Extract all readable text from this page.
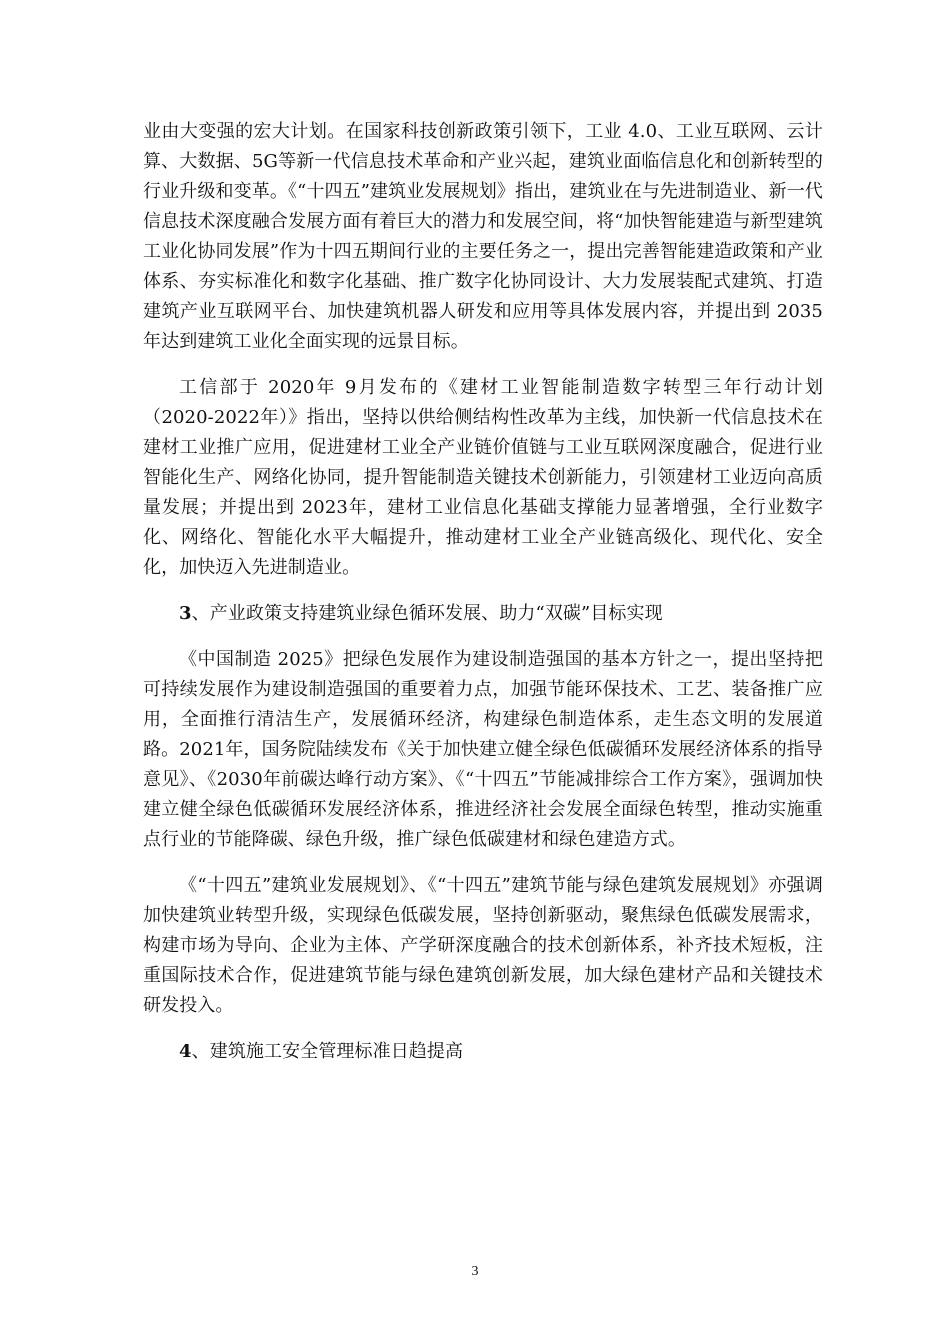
业由大变强的宏大计划。在国家科技创新政策引领下，工业 4.0、工业互联网、云计算、大数据、5G等新一代信息技术革命和产业兴起，建筑业面临信息化和创新转型的行业升级和变革。《“十四五”建筑业发展规划》指出，建筑业在与先进制造业、新一代信息技术深度融合发展方面有着巨大的潜力和发展空间，将“加快智能建造与新型建筑工业化协同发展”作为十四五期间行业的主要任务之一，提出完善智能建造政策和产业体系、夯实标准化和数字化基础、推广数字化协同设计、大力发展装配式建筑、打造建筑产业互联网平台、加快建筑机器人研发和应用等具体发展内容，并提出到 2035年达到建筑工业化全面实现的远景目标。

工信部于 2020年 9月发布的《建材工业智能制造数字转型三年行动计划（2020-2022年）》指出，坚持以供给侧结构性改革为主线，加快新一代信息技术在建材工业推广应用，促进建材工业全产业链价值链与工业互联网深度融合，促进行业智能化生产、网络化协同，提升智能制造关键技术创新能力，引领建材工业迈向高质量发展；并提出到 2023年，建材工业信息化基础支撑能力显著增强，全行业数字化、网络化、智能化水平大幅提升，推动建材工业全产业链高级化、现代化、安全化，加快迈入先进制造业。

3、产业政策支持建筑业绿色循环发展、助力“双碳”目标实现

《中国制造 2025》把绿色发展作为建设制造强国的基本方针之一，提出坚持把可持续发展作为建设制造强国的重要着力点，加强节能环保技术、工艺、装备推广应用，全面推行清洁生产，发展循环经济，构建绿色制造体系，走生态文明的发展道路。2021年，国务院陆续发布《关于加快建立健全绿色低碳循环发展经济体系的指导意见》、《2030年前碳达峰行动方案》、《“十四五”节能减排综合工作方案》，强调加快建立健全绿色低碳循环发展经济体系，推进经济社会发展全面绿色转型，推动实施重点行业的节能降碳、绿色升级，推广绿色低碳建材和绿色建造方式。

《“十四五”建筑业发展规划》、《“十四五”建筑节能与绿色建筑发展规划》亦强调加快建筑业转型升级，实现绿色低碳发展，坚持创新驱动，聚焦绿色低碳发展需求，构建市场为导向、企业为主体、产学研深度融合的技术创新体系，补齐技术短板，注重国际技术合作，促进建筑节能与绿色建筑创新发展，加大绿色建材产品和关键技术研发投入。

4、建筑施工安全管理标准日趋提高

3
